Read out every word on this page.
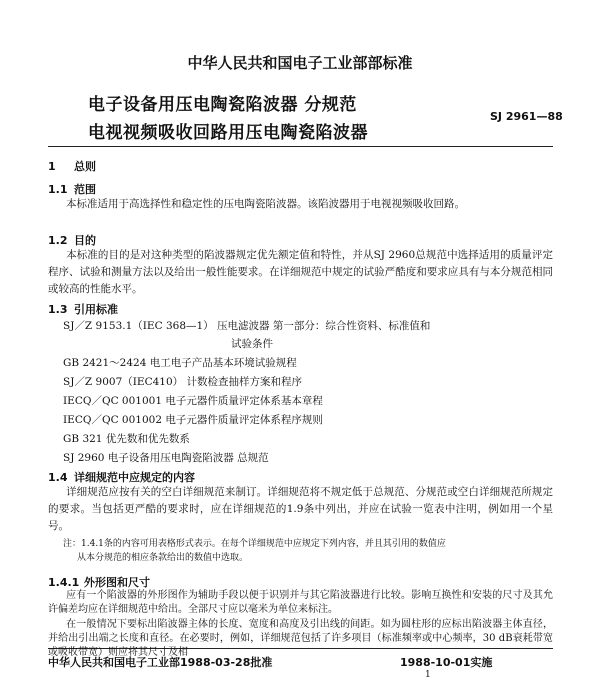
中华人民共和国电子工业部部标准
电子设备用压电陶瓷陷波器 分规范
电视视频吸收回路用压电陶瓷陷波器
SJ 2961—88
1 总则
1.1 范围
本标准适用于高选择性和稳定性的压电陶瓷陷波器。该陷波器用于电视视频吸收回路。
1.2 目的
本标准的目的是对这种类型的陷波器规定优先额定值和特性，并从SJ 2960总规范中选择适用的质量评定程序、试验和测量方法以及给出一般性能要求。在详细规范中规定的试验严酷度和要求应具有与本分规范相同或较高的性能水平。
1.3 引用标准
SJ／Z 9153.1（IEC 368—1） 压电滤波器 第一部分：综合性资料、标准值和
试验条件
GB 2421～2424 电工电子产品基本环境试验规程
SJ／Z 9007（IEC410） 计数检查抽样方案和程序
IECQ／QC 001001 电子元器件质量评定体系基本章程
IECQ／QC 001002 电子元器件质量评定体系程序规则
GB 321 优先数和优先数系
SJ 2960 电子设备用压电陶瓷陷波器 总规范
1.4 详细规范中应规定的内容
详细规范应按有关的空白详细规范来制订。详细规范将不规定低于总规范、分规范或空白详细规范所规定的要求。当包括更严酷的要求时，应在详细规范的1.9条中列出，并应在试验一览表中注明，例如用一个星号。
注：1.4.1条的内容可用表格形式表示。在每个详细规范中应规定下列内容，并且其引用的数值应
从本分规范的相应条款给出的数值中选取。
1.4.1 外形图和尺寸
中华人民共和国电子工业部1988-03-28批准	1988-10-01实施
1
应有一个陷波器的外形图作为辅助手段以便于识别并与其它陷波器进行比较。影响互换性和安装的尺寸及其允许偏差均应在详细规范中给出。全部尺寸应以毫米为单位来标注。
在一般情况下要标出陷波器主体的长度、宽度和高度及引出线的间距。如为圆柱形的应标出陷波器主体直径，并给出引出端之长度和直径。在必要时，例如，详细规范包括了许多项目（标准频率或中心频率，30 dB衰耗带宽或吸收带宽）则应将其尺寸及相
